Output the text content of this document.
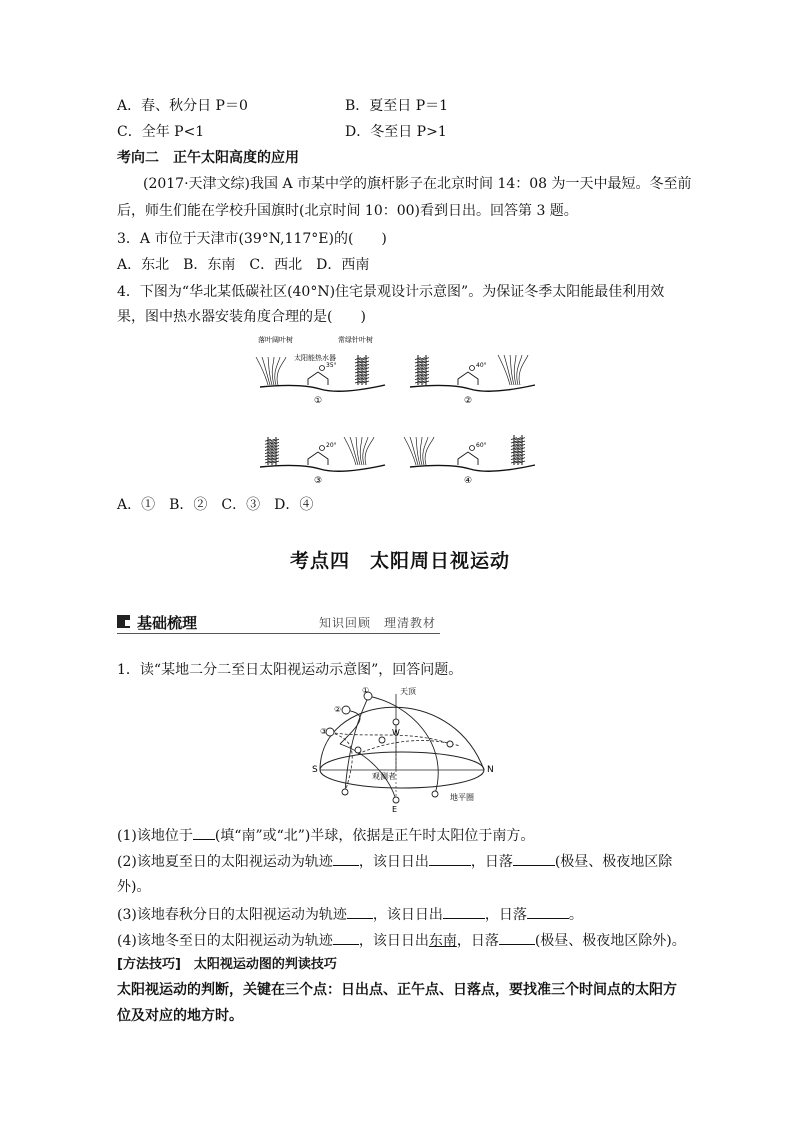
A．春、秋分日 P＝0	B．夏至日 P＝1
C．全年 P<1	D．冬至日 P>1
考向二　正午太阳高度的应用
(2017·天津文综)我国 A 市某中学的旗杆影子在北京时间 14：08 为一天中最短。冬至前
后，师生们能在学校升国旗时(北京时间 10：00)看到日出。回答第 3 题。
3．A 市位于天津市(39°N,117°E)的(　　)
A．东北　B．东南　C．西北　D．西南
4．下图为“华北某低碳社区(40°N)住宅景观设计示意图”。为保证冬季太阳能最佳利用效
果，图中热水器安装角度合理的是(　　)
35°
①
40°
②
20°
③
60°
④
落叶阔叶树	常绿针叶树
太阳能热水器
A．①　B．②　C．③　D．④
考点四　太阳周日视运动
基础梳理	知识回顾　理清教材
1．读“某地二分二至日太阳视运动示意图”，回答问题。
①
②
③
天顶
W
E
S	N
观测者
地平圈
(1)该地位于 (填“南”或“北”)半球，依据是正午时太阳位于南方。
(2)该地夏至日的太阳视运动为轨迹 ，该日日出	，日落	(极昼、极夜地区除
外)。
(3)该地春秋分日的太阳视运动为轨迹 ，该日日出	，日落	。
(4)该地冬至日的太阳视运动为轨迹 ，该日日出东南，日落	(极昼、极夜地区除外)。
[方法技巧]　太阳视运动图的判读技巧
太阳视运动的判断，关键在三个点：日出点、正午点、日落点，要找准三个时间点的太阳方
位及对应的地方时。
